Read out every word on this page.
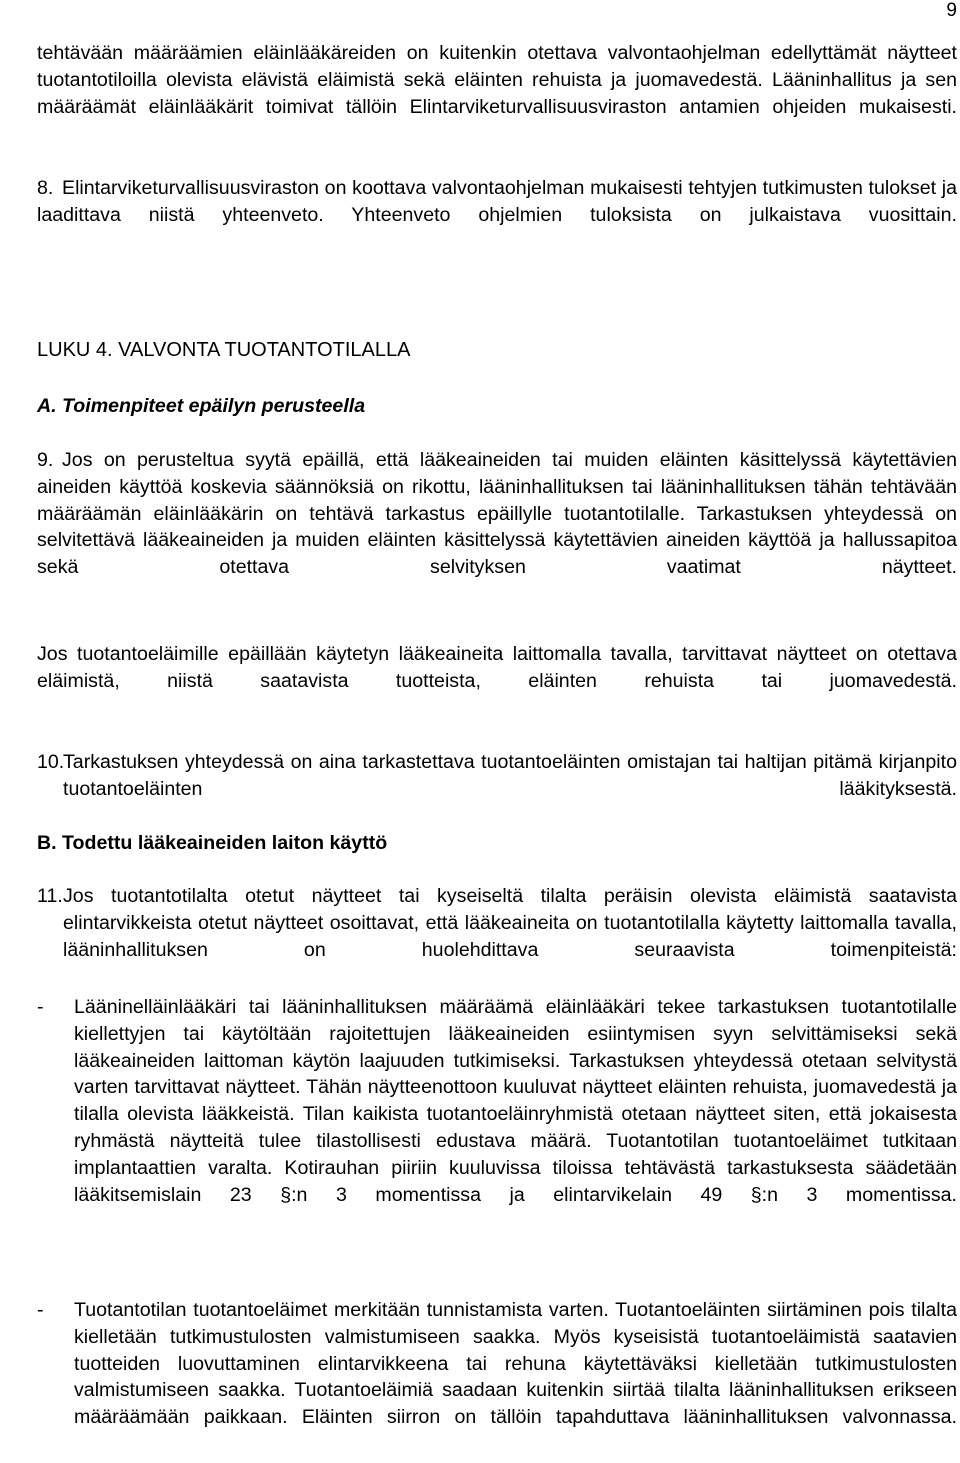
9
tehtävään määräämien eläinlääkäreiden on kuitenkin otettava valvontaohjelman edellyttämät näytteet tuotantotiloilla olevista elävistä eläimistä sekä eläinten rehuista ja juomavedestä. Lääninhallitus ja sen määräämät eläinlääkärit toimivat tällöin Elintarviketurvallisuusviraston antamien ohjeiden mukaisesti.
8. Elintarviketurvallisuusviraston on koottava valvontaohjelman mukaisesti tehtyjen tutkimusten tulokset ja laadittava niistä yhteenveto. Yhteenveto ohjelmien tuloksista on julkaistava vuosittain.
LUKU 4. VALVONTA TUOTANTOTILALLA
A. Toimenpiteet epäilyn perusteella
9. Jos on perusteltua syytä epäillä, että lääkeaineiden tai muiden eläinten käsittelyssä käytettävien aineiden käyttöä koskevia säännöksiä on rikottu, lääninhallituksen tai lääninhallituksen tähän tehtävään määräämän eläinlääkärin on tehtävä tarkastus epäillylle tuotantotilalle. Tarkastuksen yhteydessä on selvitettävä lääkeaineiden ja muiden eläinten käsittelyssä käytettävien aineiden käyttöä ja hallussapitoa sekä otettava selvityksen vaatimat näytteet.
Jos tuotantoeläimille epäillään käytetyn lääkeaineita laittomalla tavalla, tarvittavat näytteet on otettava eläimistä, niistä saatavista tuotteista, eläinten rehuista tai juomavedestä.
10.
Tarkastuksen yhteydessä on aina tarkastettava tuotantoeläinten omistajan tai haltijan pitämä kirjanpito tuotantoeläinten lääkityksestä.
B. Todettu lääkeaineiden laiton käyttö
11. Jos tuotantotilalta otetut näytteet tai kyseiseltä tilalta peräisin olevista eläimistä saatavista elintarvikkeista otetut näytteet osoittavat, että lääkeaineita on tuotantotilalla käytetty laittomalla tavalla, lääninhallituksen on huolehdittava seuraavista toimenpiteistä:
- Lääninelläinlääkäri tai lääninhallituksen määräämä eläinlääkäri tekee tarkastuksen tuotantotilalle kiellettyjen tai käytöltään rajoitettujen lääkeaineiden esiintymisen syyn selvittämiseksi sekä lääkeaineiden laittoman käytön laajuuden tutkimiseksi. Tarkastuksen yhteydessä otetaan selvitystä varten tarvittavat näytteet. Tähän näytteenottoon kuuluvat näytteet eläinten rehuista, juomavedestä ja tilalla olevista lääkkeistä. Tilan kaikista tuotantoeläinryhmistä otetaan näytteet siten, että jokaisesta ryhmästä näytteitä tulee tilastollisesti edustava määrä. Tuotantotilan tuotantoeläimet tutkitaan implantaattien varalta. Kotirauhan piiriin kuuluvissa tiloissa tehtävästä tarkastuksesta säädetään lääkitsemislain 23 §:n 3 momentissa ja elintarvikelain 49 §:n 3 momentissa.
- Tuotantotilan tuotantoeläimet merkitään tunnistamista varten. Tuotantoeläinten siirtäminen pois tilalta kielletään tutkimustulosten valmistumiseen saakka. Myös kyseisistä tuotantoeläimistä saatavien tuotteiden luovuttaminen elintarvikkeena tai rehuna käytettäväksi kielletään tutkimustulosten valmistumiseen saakka. Tuotantoeläimiä saadaan kuitenkin siirtää tilalta lääninhallituksen erikseen määräämään paikkaan. Eläinten siirron on tällöin tapahduttava lääninhallituksen valvonnassa.
